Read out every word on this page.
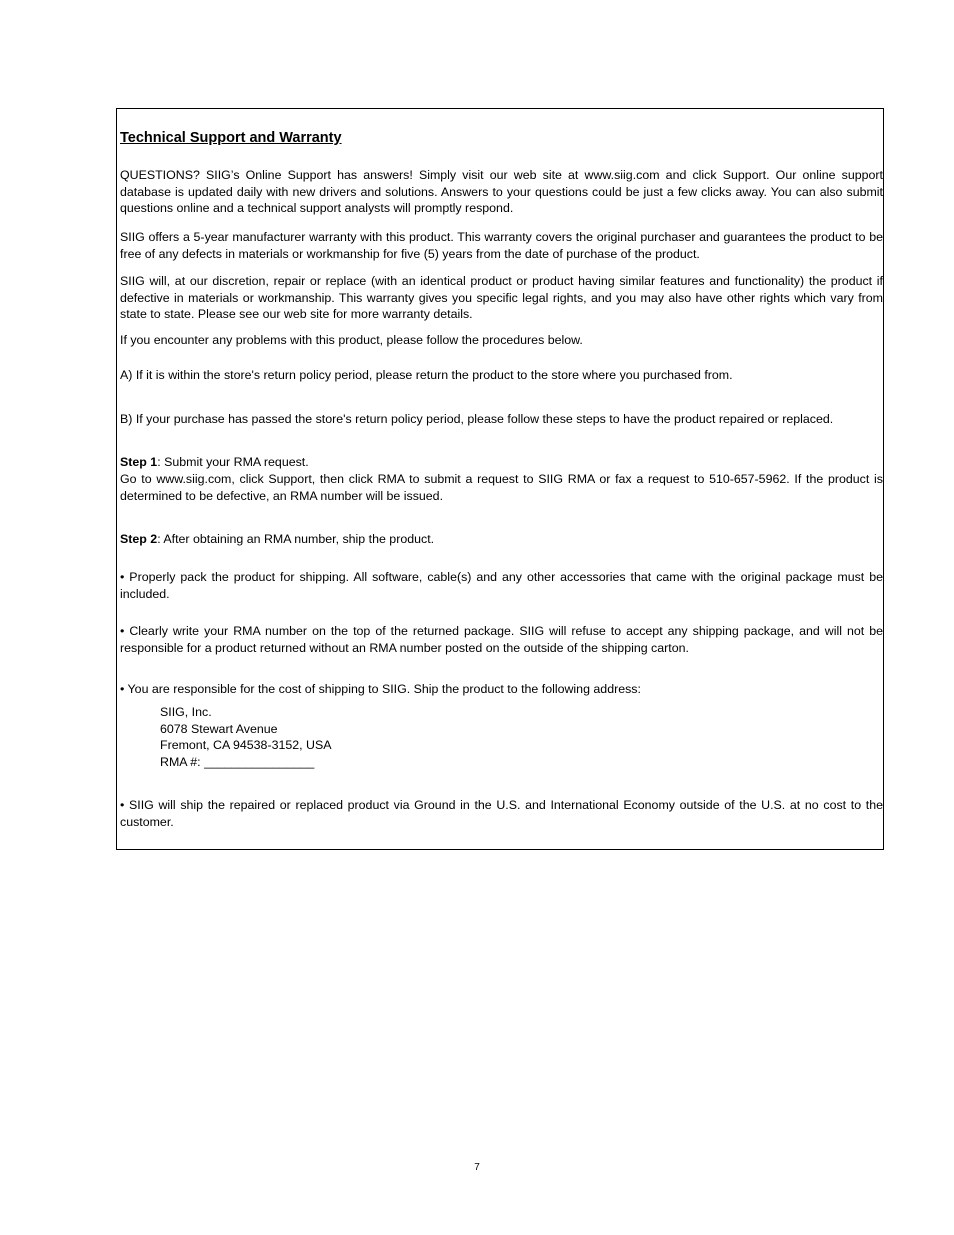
Technical Support and Warranty

QUESTIONS? SIIG’s Online Support has answers! Simply visit our web site at www.siig.com and click Support. Our online support database is updated daily with new drivers and solutions. Answers to your questions could be just a few clicks away. You can also submit questions online and a technical support analysts will promptly respond.

SIIG offers a 5-year manufacturer warranty with this product. This warranty covers the original purchaser and guarantees the product to be free of any defects in materials or workmanship for five (5) years from the date of purchase of the product.

SIIG will, at our discretion, repair or replace (with an identical product or product having similar features and functionality) the product if defective in materials or workmanship. This warranty gives you specific legal rights, and you may also have other rights which vary from state to state. Please see our web site for more warranty details.

If you encounter any problems with this product, please follow the procedures below.

A) If it is within the store's return policy period, please return the product to the store where you purchased from.

B) If your purchase has passed the store's return policy period, please follow these steps to have the product repaired or replaced.

Step 1: Submit your RMA request.

Go to www.siig.com, click Support, then click RMA to submit a request to SIIG RMA or fax a request to 510-657-5962. If the product is determined to be defective, an RMA number will be issued.

Step 2: After obtaining an RMA number, ship the product.

• Properly pack the product for shipping. All software, cable(s) and any other accessories that came with the original package must be included.

• Clearly write your RMA number on the top of the returned package. SIIG will refuse to accept any shipping package, and will not be responsible for a product returned without an RMA number posted on the outside of the shipping carton.

• You are responsible for the cost of shipping to SIIG. Ship the product to the following address:

SIIG, Inc.
6078 Stewart Avenue
Fremont, CA 94538-3152, USA
RMA #: ________________

• SIIG will ship the repaired or replaced product via Ground in the U.S. and International Economy outside of the U.S. at no cost to the customer.

7
